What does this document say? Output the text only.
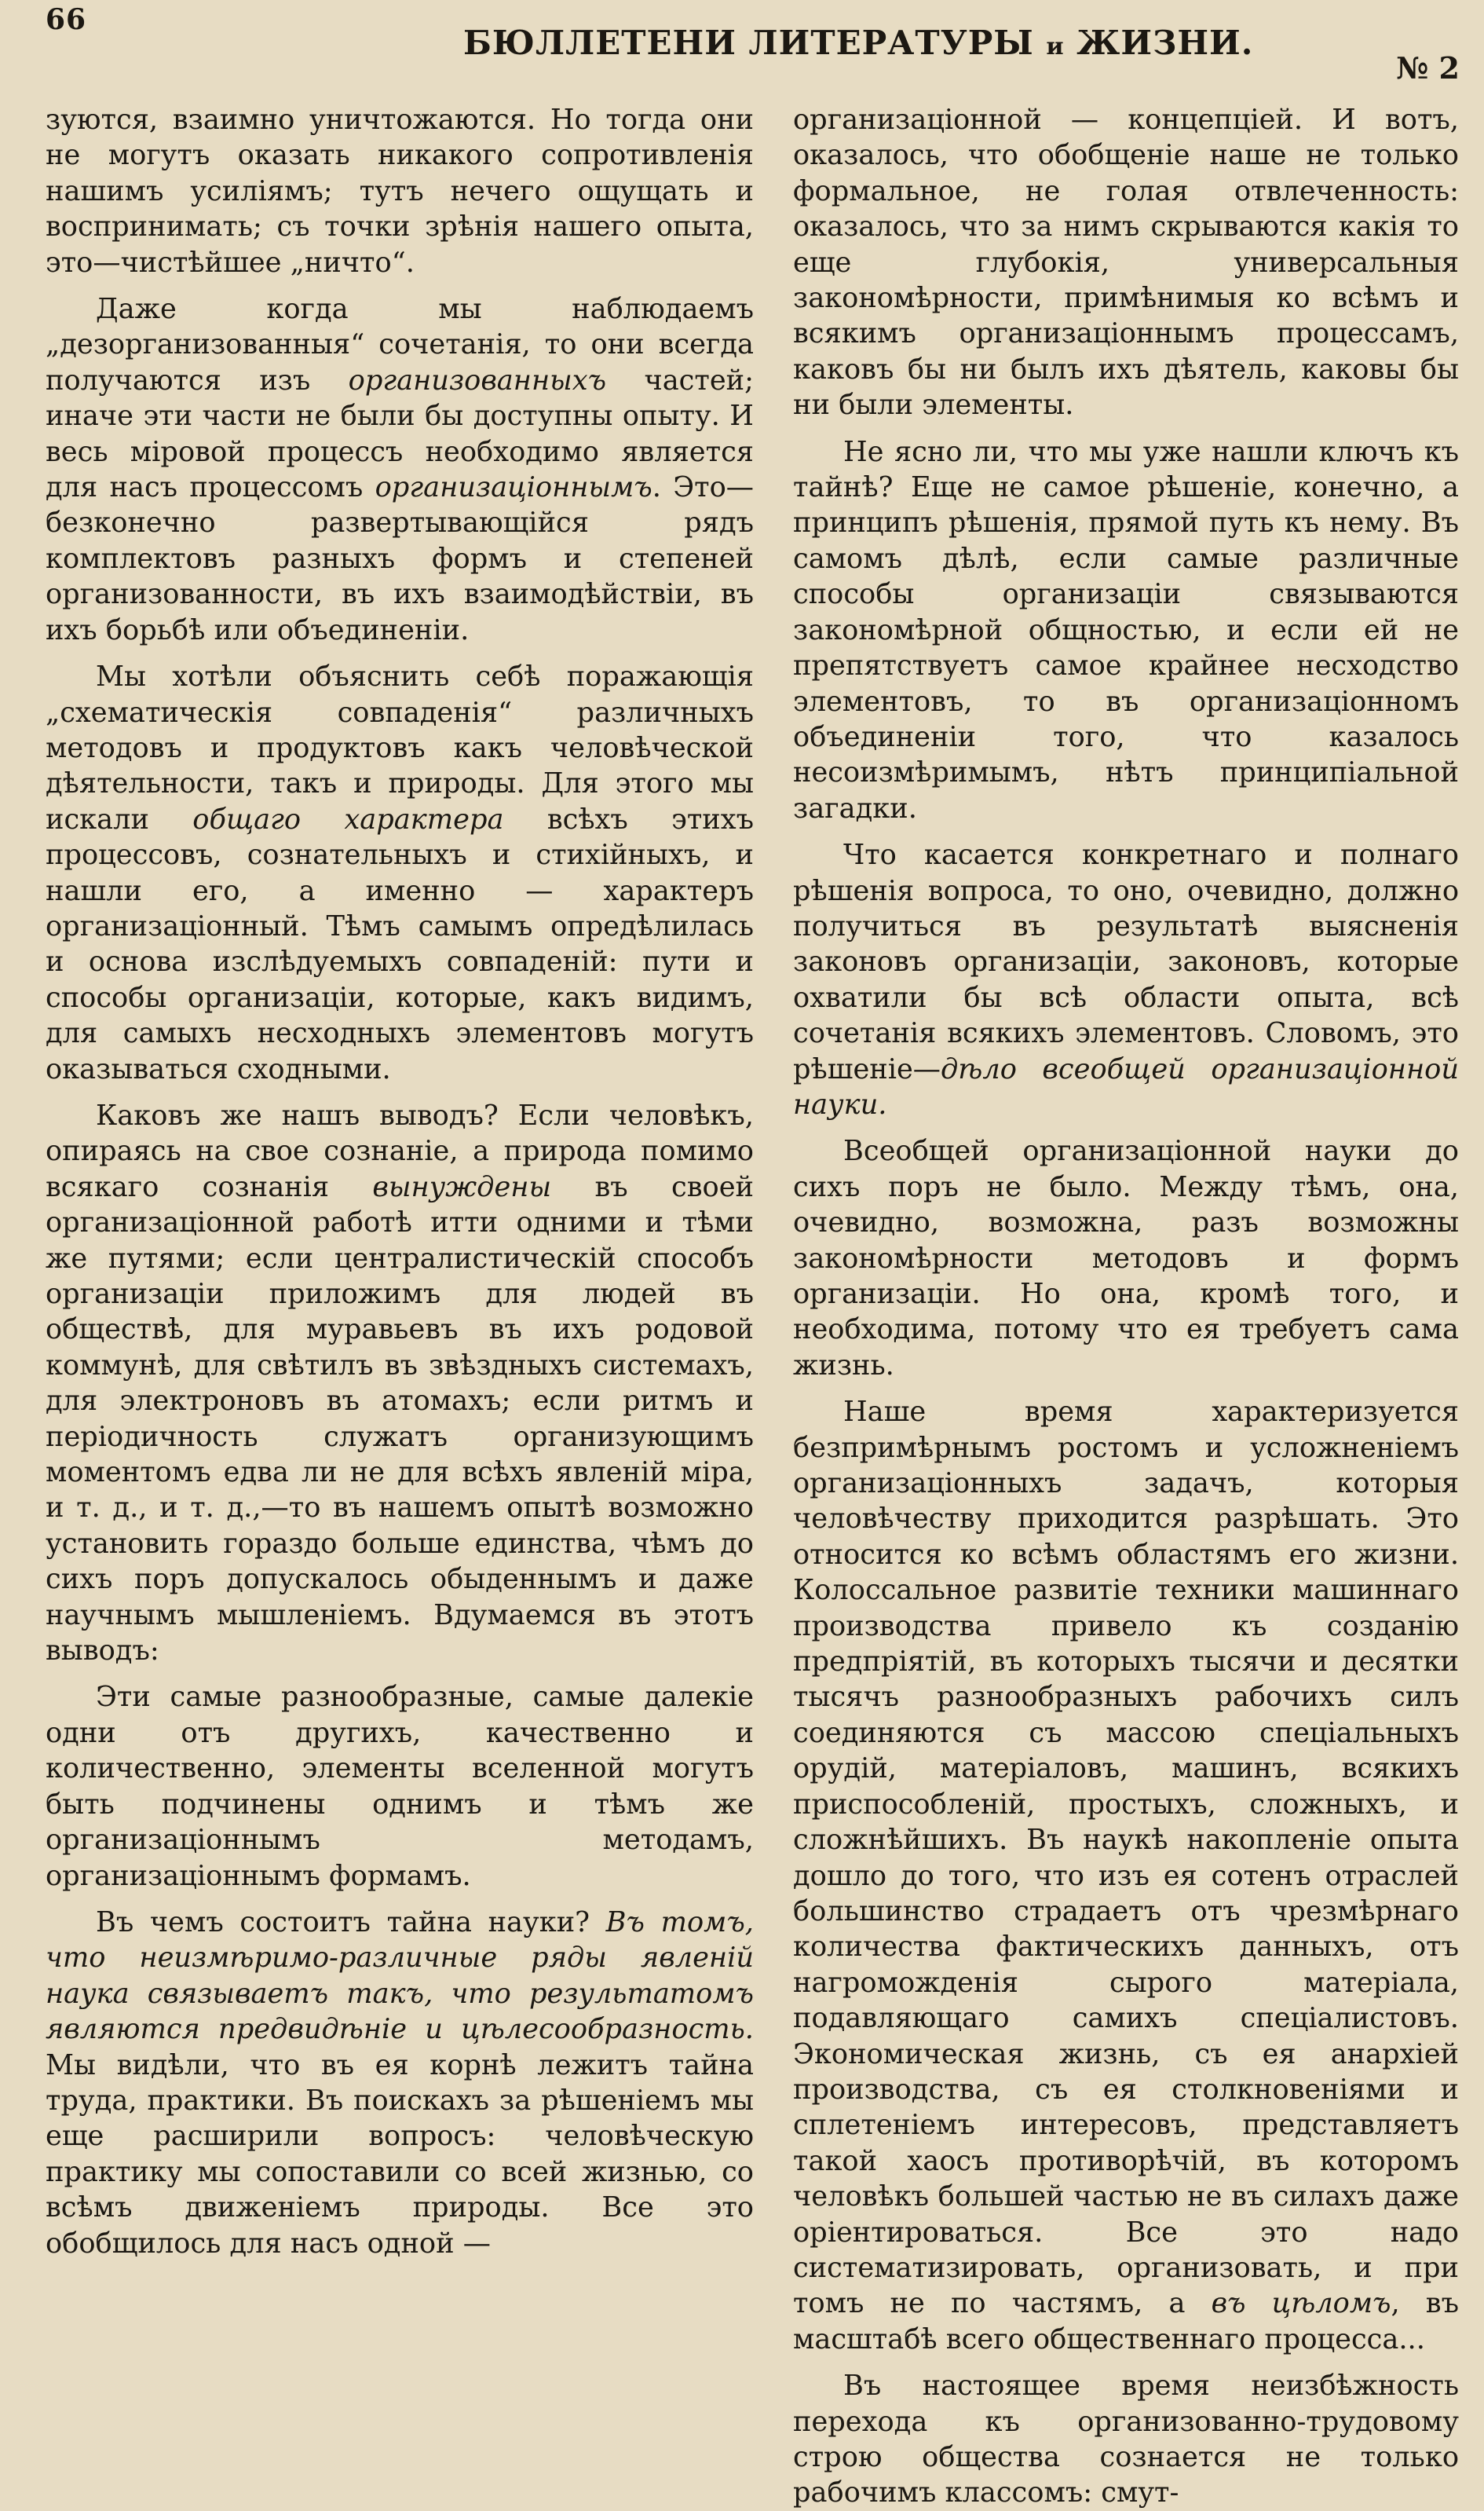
66
БЮЛЛЕТЕНИ ЛИТЕРАТУРЫ и ЖИЗНИ.
№ 2

зуются, взаимно уничтожаются. Но тогда они не могутъ оказать никакого сопротивленія нашимъ усиліямъ; тутъ нечего ощущать и воспринимать; съ точки зрѣнія нашего опыта, это—чистѣйшее „ничто“.

Даже когда мы наблюдаемъ „дезорганизованныя“ сочетанія, то они всегда получаются изъ организованныхъ частей; иначе эти части не были бы доступны опыту. И весь міровой процессъ необходимо является для насъ процессомъ организаціоннымъ. Это—безконечно развертывающійся рядъ комплектовъ разныхъ формъ и степеней организованности, въ ихъ взаимодѣйствіи, въ ихъ борьбѣ или объединеніи.

Мы хотѣли объяснить себѣ поражающія „схематическія совпаденія“ различныхъ методовъ и продуктовъ какъ человѣческой дѣятельности, такъ и природы. Для этого мы искали общаго характера всѣхъ этихъ процессовъ, сознательныхъ и стихійныхъ, и нашли его, а именно — характеръ организаціонный. Тѣмъ самымъ опредѣлилась и основа изслѣдуемыхъ совпаденій: пути и способы организаціи, которые, какъ видимъ, для самыхъ несходныхъ элементовъ могутъ оказываться сходными.

Каковъ же нашъ выводъ? Если человѣкъ, опираясь на свое сознаніе, а природа помимо всякаго сознанія вынуждены въ своей организаціонной работѣ итти одними и тѣми же путями; если централистическій способъ организаціи приложимъ для людей въ обществѣ, для муравьевъ въ ихъ родовой коммунѣ, для свѣтилъ въ звѣздныхъ системахъ, для электроновъ въ атомахъ; если ритмъ и періодичность служатъ организующимъ моментомъ едва ли не для всѣхъ явленій міра, и т. д., и т. д.,—то въ нашемъ опытѣ возможно установить гораздо больше единства, чѣмъ до сихъ поръ допускалось обыденнымъ и даже научнымъ мышленіемъ. Вдумаемся въ этотъ выводъ:

Эти самые разнообразные, самые далекіе одни отъ другихъ, качественно и количественно, элементы вселенной могутъ быть подчинены однимъ и тѣмъ же организаціоннымъ методамъ, организаціоннымъ формамъ.

Въ чемъ состоитъ тайна науки? Въ томъ, что неизмѣримо-различные ряды явленій наука связываетъ такъ, что результатомъ являются предвидѣніе и цѣлесообразность. Мы видѣли, что въ ея корнѣ лежитъ тайна труда, практики. Въ поискахъ за рѣшеніемъ мы еще расширили вопросъ: человѣческую практику мы сопоставили со всей жизнью, со всѣмъ движеніемъ природы. Все это обобщилось для насъ одной —

организаціонной — концепціей. И вотъ, оказалось, что обобщеніе наше не только формальное, не голая отвлеченность: оказалось, что за нимъ скрываются какія то еще глубокія, универсальныя закономѣрности, примѣнимыя ко всѣмъ и всякимъ организаціоннымъ процессамъ, каковъ бы ни былъ ихъ дѣятель, каковы бы ни были элементы.

Не ясно ли, что мы уже нашли ключъ къ тайнѣ? Еще не самое рѣшеніе, конечно, а принципъ рѣшенія, прямой путь къ нему. Въ самомъ дѣлѣ, если самые различные способы организаціи связываются закономѣрной общностью, и если ей не препятствуетъ самое крайнее несходство элементовъ, то въ организаціонномъ объединеніи того, что казалось несоизмѣримымъ, нѣтъ принципіальной загадки.

Что касается конкретнаго и полнаго рѣшенія вопроса, то оно, очевидно, должно получиться въ результатѣ выясненія законовъ организаціи, законовъ, которые охватили бы всѣ области опыта, всѣ сочетанія всякихъ элементовъ. Словомъ, это рѣшеніе—дѣло всеобщей организаціонной науки.

Всеобщей организаціонной науки до сихъ поръ не было. Между тѣмъ, она, очевидно, возможна, разъ возможны закономѣрности методовъ и формъ организаціи. Но она, кромѣ того, и необходима, потому что ея требуетъ сама жизнь.

Наше время характеризуется безпримѣрнымъ ростомъ и усложненіемъ организаціонныхъ задачъ, которыя человѣчеству приходится разрѣшать. Это относится ко всѣмъ областямъ его жизни. Колоссальное развитіе техники машиннаго производства привело къ созданію предпріятій, въ которыхъ тысячи и десятки тысячъ разнообразныхъ рабочихъ силъ соединяются съ массою спеціальныхъ орудій, матеріаловъ, машинъ, всякихъ приспособленій, простыхъ, сложныхъ, и сложнѣйшихъ. Въ наукѣ накопленіе опыта дошло до того, что изъ ея сотенъ отраслей большинство страдаетъ отъ чрезмѣрнаго количества фактическихъ данныхъ, отъ нагроможденія сырого матеріала, подавляющаго самихъ спеціалистовъ. Экономическая жизнь, съ ея анархіей производства, съ ея столкновеніями и сплетеніемъ интересовъ, представляетъ такой хаосъ противорѣчій, въ которомъ человѣкъ большей частью не въ силахъ даже оріентироваться. Все это надо систематизировать, организовать, и при томъ не по частямъ, а въ цѣломъ, въ масштабѣ всего общественнаго процесса...

Въ настоящее время неизбѣжность перехода къ организованно-трудовому строю общества сознается не только рабочимъ классомъ: смут-
